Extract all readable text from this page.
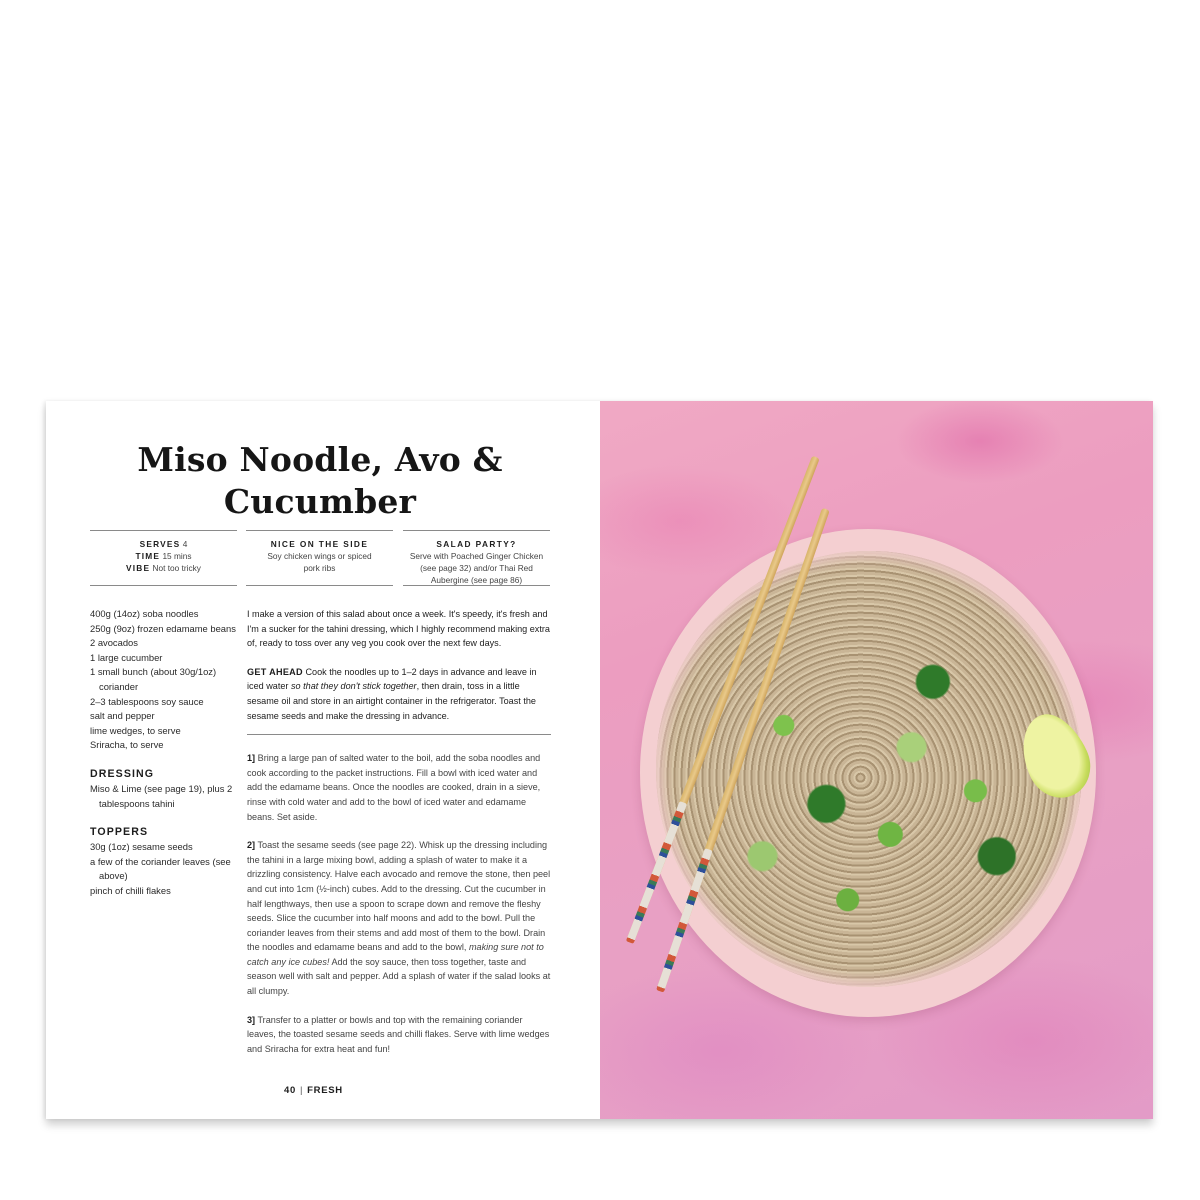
Miso Noodle, Avo & Cucumber
SERVES 4
TIME 15 mins
VIBE Not too tricky
NICE ON THE SIDE
Soy chicken wings or spiced pork ribs
SALAD PARTY?
Serve with Poached Ginger Chicken (see page 32) and/or Thai Red Aubergine (see page 86)

400g (14oz) soba noodles

250g (9oz) frozen edamame beans

2 avocados

1 large cucumber

1 small bunch (about 30g/1oz) coriander

2–3 tablespoons soy sauce

salt and pepper

lime wedges, to serve

Sriracha, to serve

DRESSING

Miso & Lime (see page 19), plus 2 tablespoons tahini

TOPPERS

30g (1oz) sesame seeds

a few of the coriander leaves (see above)

pinch of chilli flakes

I make a version of this salad about once a week. It's speedy, it's fresh and I'm a sucker for the tahini dressing, which I highly recommend making extra of, ready to toss over any veg you cook over the next few days.

GET AHEAD Cook the noodles up to 1–2 days in advance and leave in iced water so that they don't stick together, then drain, toss in a little sesame oil and store in an airtight container in the refrigerator. Toast the sesame seeds and make the dressing in advance.

1] Bring a large pan of salted water to the boil, add the soba noodles and cook according to the packet instructions. Fill a bowl with iced water and add the edamame beans. Once the noodles are cooked, drain in a sieve, rinse with cold water and add to the bowl of iced water and edamame beans. Set aside.

2] Toast the sesame seeds (see page 22). Whisk up the dressing including the tahini in a large mixing bowl, adding a splash of water to make it a drizzling consistency. Halve each avocado and remove the stone, then peel and cut into 1cm (½-inch) cubes. Add to the dressing. Cut the cucumber in half lengthways, then use a spoon to scrape down and remove the fleshy seeds. Slice the cucumber into half moons and add to the bowl. Pull the coriander leaves from their stems and add most of them to the bowl. Drain the noodles and edamame beans and add to the bowl, making sure not to catch any ice cubes! Add the soy sauce, then toss together, taste and season well with salt and pepper. Add a splash of water if the salad looks at all clumpy.

3] Transfer to a platter or bowls and top with the remaining coriander leaves, the toasted sesame seeds and chilli flakes. Serve with lime wedges and Sriracha for extra heat and fun!

40 | FRESH
